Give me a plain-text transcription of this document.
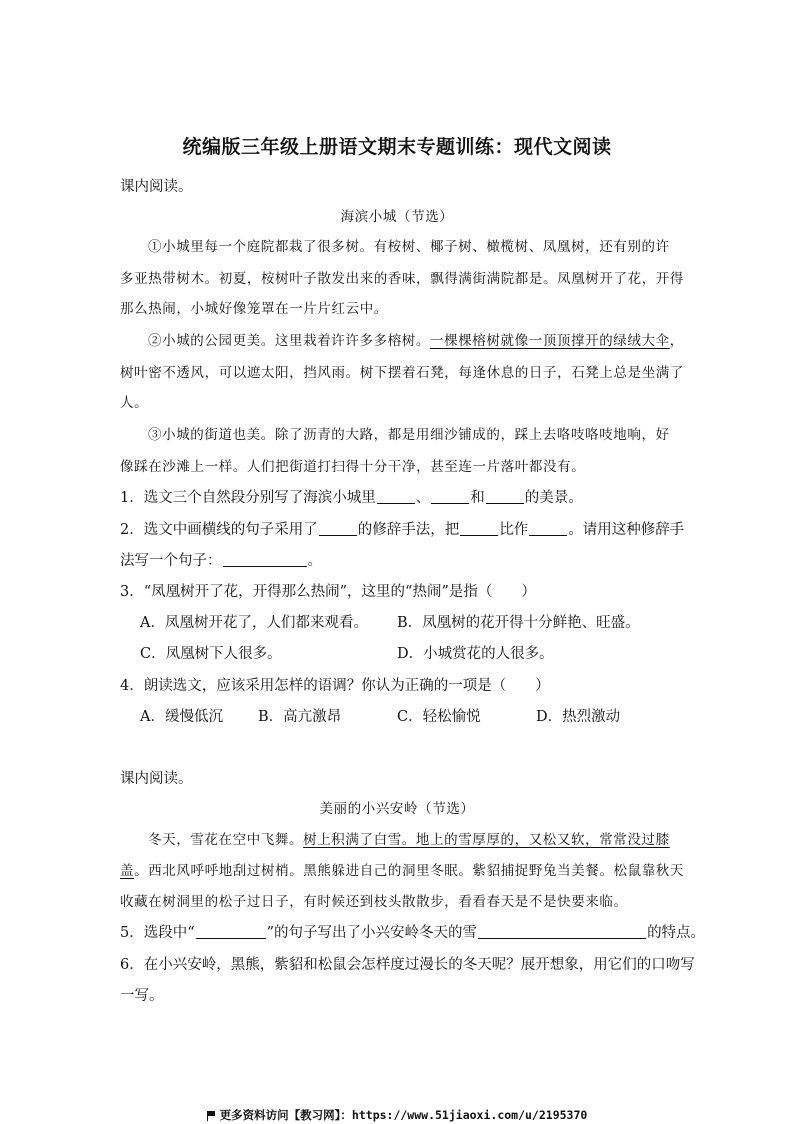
统编版三年级上册语文期末专题训练：现代文阅读
课内阅读。
海滨小城（节选）
①小城里每一个庭院都栽了很多树。有桉树、椰子树、橄榄树、凤凰树，还有别的许
多亚热带树木。初夏，桉树叶子散发出来的香味，飘得满街满院都是。凤凰树开了花，开得
那么热闹，小城好像笼罩在一片片红云中。
②小城的公园更美。这里栽着许许多多榕树。一棵棵榕树就像一顶顶撑开的绿绒大伞，
树叶密不透风，可以遮太阳，挡风雨。树下摆着石凳，每逢休息的日子，石凳上总是坐满了
人。
③小城的街道也美。除了沥青的大路，都是用细沙铺成的，踩上去咯吱咯吱地响，好
像踩在沙滩上一样。人们把街道打扫得十分干净，甚至连一片落叶都没有。
1．选文三个自然段分别写了海滨小城里	、	和	的美景。
2．选文中画横线的句子采用了	的修辞手法，把	比作	。请用这种修辞手
法写一个句子：	。
3．“凤凰树开了花，开得那么热闹”，这里的“热闹”是指（　　）
A．凤凰树开花了，人们都来观看。 B．凤凰树的花开得十分鲜艳、旺盛。
C．凤凰树下人很多。	D．小城赏花的人很多。
4．朗读选文，应该采用怎样的语调？你认为正确的一项是（　　）
A．缓慢低沉 B．高亢激昂	C．轻松愉悦	D．热烈激动
课内阅读。
美丽的小兴安岭（节选）
冬天，雪花在空中飞舞。树上积满了白雪。地上的雪厚厚的，又松又软，常常没过膝
盖。西北风呼呼地刮过树梢。黑熊躲进自己的洞里冬眠。紫貂捕捉野兔当美餐。松鼠靠秋天
收藏在树洞里的松子过日子，有时候还到枝头散散步，看看春天是不是快要来临。
5．选段中“	”的句子写出了小兴安岭冬天的雪	的特点。
6．在小兴安岭，黑熊，紫貂和松鼠会怎样度过漫长的冬天呢？展开想象，用它们的口吻写
一写。
更多资料访问【教习网】：https://www.51jiaoxi.com/u/2195370
